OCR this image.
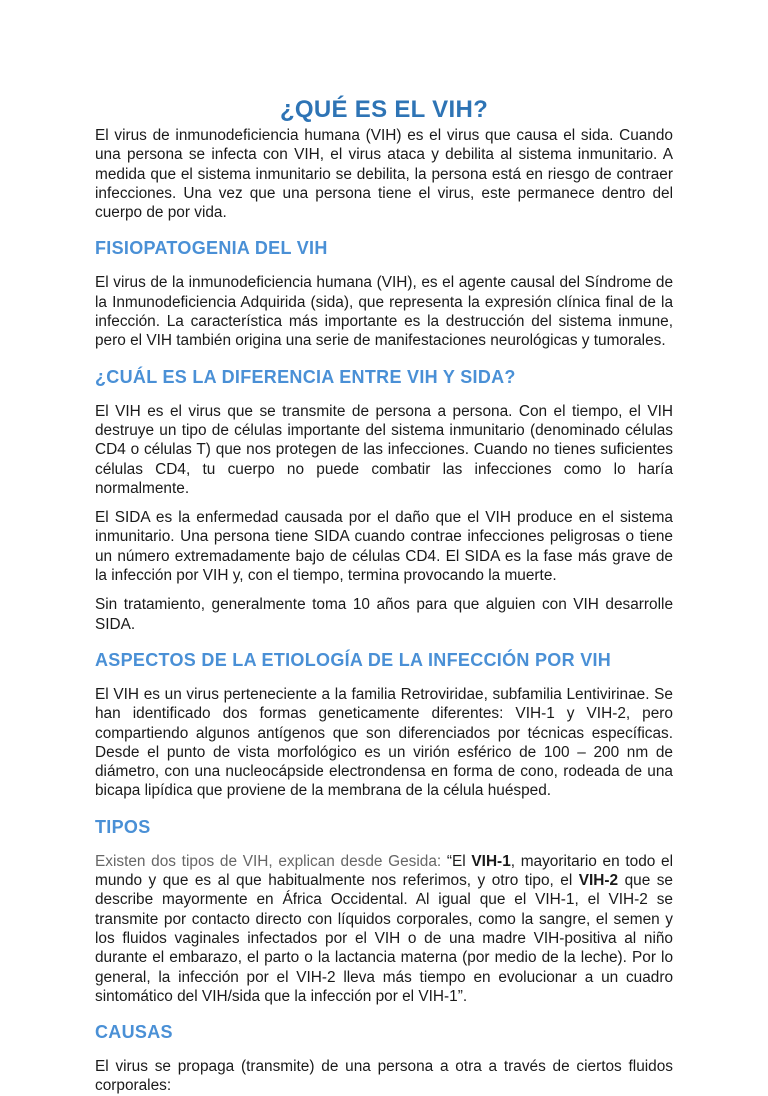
¿QUÉ ES EL VIH?

El virus de inmunodeficiencia humana (VIH) es el virus que causa el sida. Cuando una persona se infecta con VIH, el virus ataca y debilita al sistema inmunitario. A medida que el sistema inmunitario se debilita, la persona está en riesgo de contraer infecciones. Una vez que una persona tiene el virus, este permanece dentro del cuerpo de por vida.

FISIOPATOGENIA DEL VIH

El virus de la inmunodeficiencia humana (VIH), es el agente causal del Síndrome de la Inmunodeficiencia Adquirida (sida), que representa la expresión clínica final de la infección. La característica más importante es la destrucción del sistema inmune, pero el VIH también origina una serie de manifestaciones neurológicas y tumorales.

¿CUÁL ES LA DIFERENCIA ENTRE VIH Y SIDA?

El VIH es el virus que se transmite de persona a persona. Con el tiempo, el VIH destruye un tipo de células importante del sistema inmunitario (denominado células CD4 o células T) que nos protegen de las infecciones. Cuando no tienes suficientes células CD4, tu cuerpo no puede combatir las infecciones como lo haría normalmente.

El SIDA es la enfermedad causada por el daño que el VIH produce en el sistema inmunitario. Una persona tiene SIDA cuando contrae infecciones peligrosas o tiene un número extremadamente bajo de células CD4. El SIDA es la fase más grave de la infección por VIH y, con el tiempo, termina provocando la muerte.

Sin tratamiento, generalmente toma 10 años para que alguien con VIH desarrolle SIDA.

ASPECTOS DE LA ETIOLOGÍA DE LA INFECCIÓN POR VIH

El VIH es un virus perteneciente a la familia Retroviridae, subfamilia Lentivirinae. Se han identificado dos formas geneticamente diferentes: VIH-1 y VIH-2, pero compartiendo algunos antígenos que son diferenciados por técnicas específicas. Desde el punto de vista morfológico es un virión esférico de 100 – 200 nm de diámetro, con una nucleocápside electrondensa en forma de cono, rodeada de una bicapa lipídica que proviene de la membrana de la célula huésped.

TIPOS

Existen dos tipos de VIH, explican desde Gesida: “El VIH-1, mayoritario en todo el mundo y que es al que habitualmente nos referimos, y otro tipo, el VIH-2 que se describe mayormente en África Occidental. Al igual que el VIH-1, el VIH-2 se transmite por contacto directo con líquidos corporales, como la sangre, el semen y los fluidos vaginales infectados por el VIH o de una madre VIH-positiva al niño durante el embarazo, el parto o la lactancia materna (por medio de la leche). Por lo general, la infección por el VIH-2 lleva más tiempo en evolucionar a un cuadro sintomático del VIH/sida que la infección por el VIH-1”.

CAUSAS

El virus se propaga (transmite) de una persona a otra a través de ciertos fluidos corporales:
